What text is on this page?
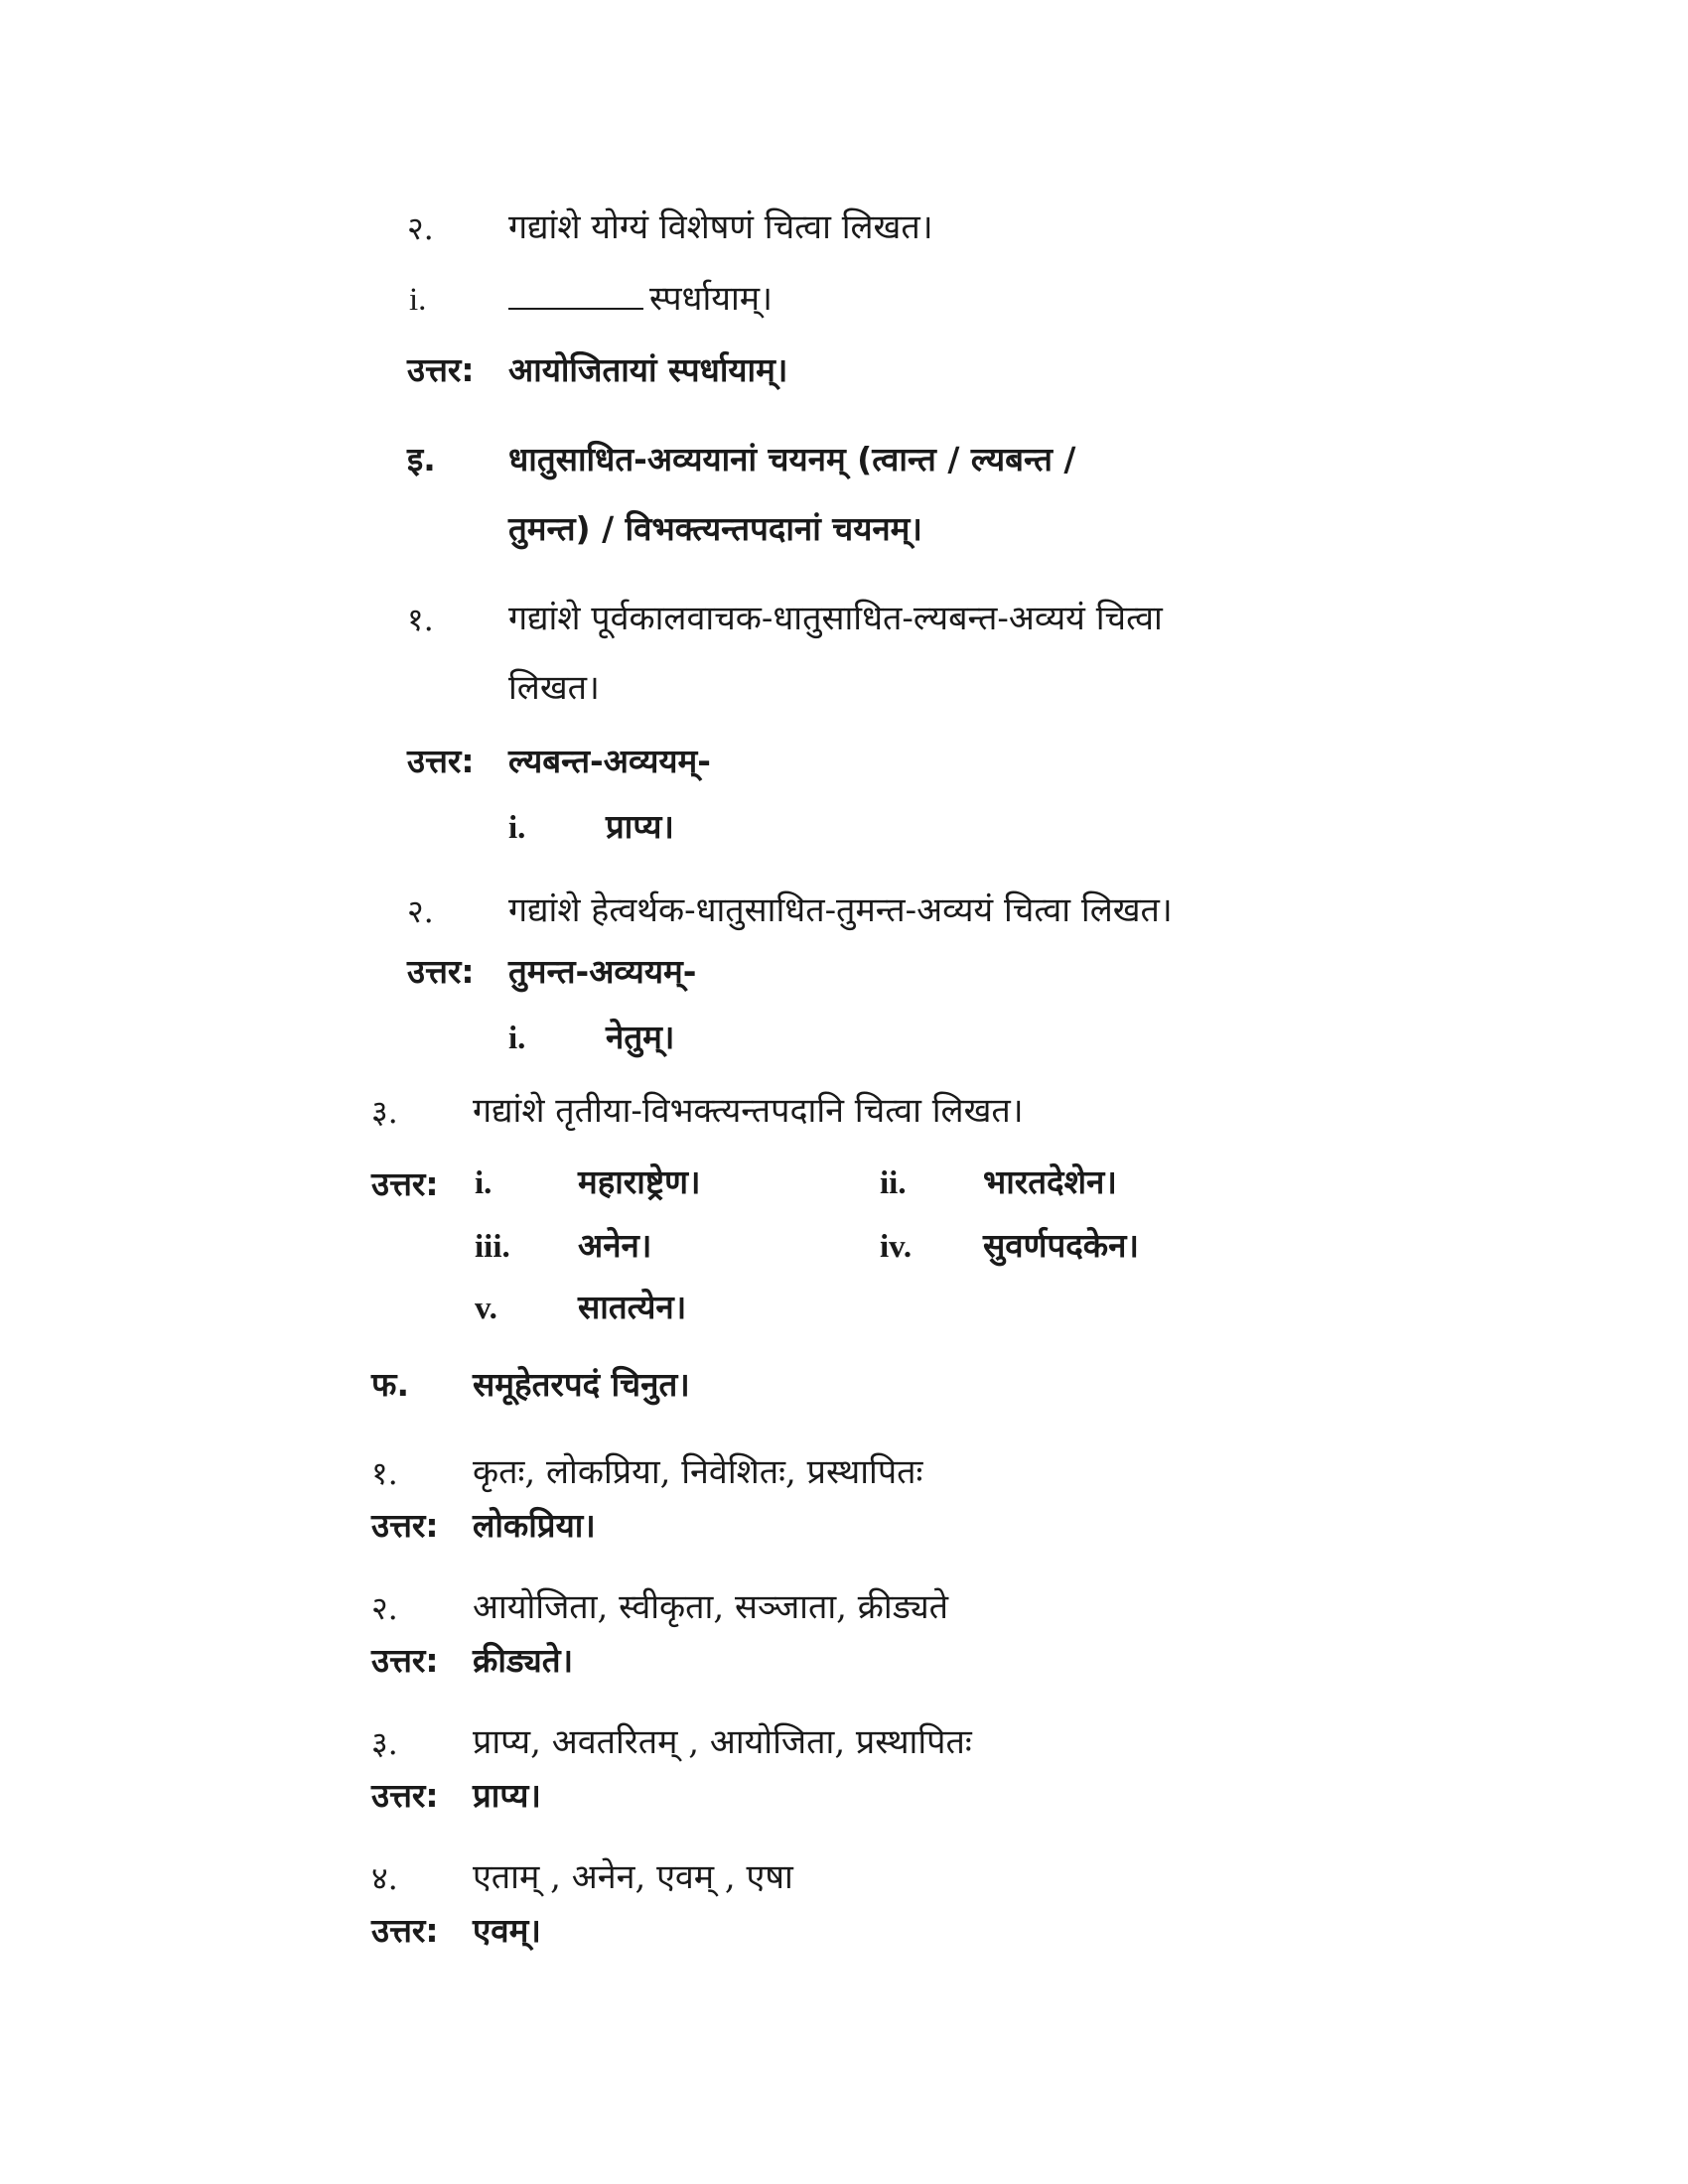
२. गद्यांशे योग्यं विशेषणं चित्वा लिखत।
i.	स्पर्धायाम्।
उत्तर: आयोजितायां स्पर्धायाम्।
इ. धातुसाधित-अव्ययानां चयनम् (त्वान्त / ल्यबन्त /
तुमन्त) / विभक्त्यन्तपदानां चयनम्।
१. गद्यांशे पूर्वकालवाचक-धातुसाधित-ल्यबन्त-अव्ययं चित्वा
लिखत।
उत्तर: ल्यबन्त-अव्ययम्-
i. प्राप्य।
२. गद्यांशे हेत्वर्थक-धातुसाधित-तुमन्त-अव्ययं चित्वा लिखत।
उत्तर: तुमन्त-अव्ययम्-
i. नेतुम्।
३. गद्यांशे तृतीया-विभक्त्यन्तपदानि चित्वा लिखत।
उत्तर: i.	महाराष्ट्रेण।	ii. भारतदेशेन।
iii. अनेन।	iv. सुवर्णपदकेन।
v. सातत्येन।
फ. समूहेतरपदं चिनुत।
१. कृतः, लोकप्रिया, निवेशितः, प्रस्थापितः
उत्तर: लोकप्रिया।
२. आयोजिता, स्वीकृता, सञ्जाता, क्रीड्यते
उत्तर: क्रीड्यते।
३. प्राप्य, अवतरितम् , आयोजिता, प्रस्थापितः
उत्तर: प्राप्य।
४. एताम् , अनेन, एवम् , एषा
उत्तर: एवम्।
